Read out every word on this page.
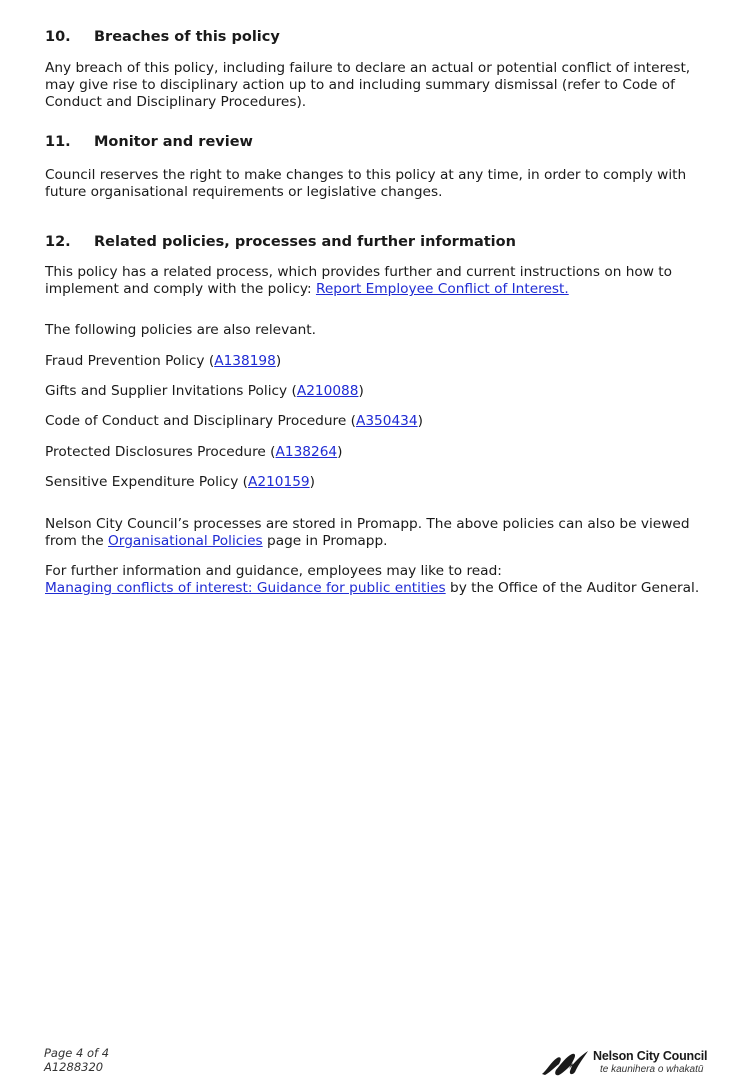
10. Breaches of this policy
Any breach of this policy, including failure to declare an actual or potential conflict of interest,
may give rise to disciplinary action up to and including summary dismissal (refer to Code of
Conduct and Disciplinary Procedures).
11. Monitor and review
Council reserves the right to make changes to this policy at any time, in order to comply with
future organisational requirements or legislative changes.
12. Related policies, processes and further information
This policy has a related process, which provides further and current instructions on how to
implement and comply with the policy: Report Employee Conflict of Interest.
The following policies are also relevant.
Fraud Prevention Policy (A138198)
Gifts and Supplier Invitations Policy (A210088)
Code of Conduct and Disciplinary Procedure (A350434)
Protected Disclosures Procedure (A138264)
Sensitive Expenditure Policy (A210159)
Nelson City Council’s processes are stored in Promapp. The above policies can also be viewed
from the Organisational Policies page in Promapp.
For further information and guidance, employees may like to read:
Managing conflicts of interest: Guidance for public entities by the Office of the Auditor General.
Page 4 of 4
A1288320
Nelson City Council
te kaunihera o whakatū
